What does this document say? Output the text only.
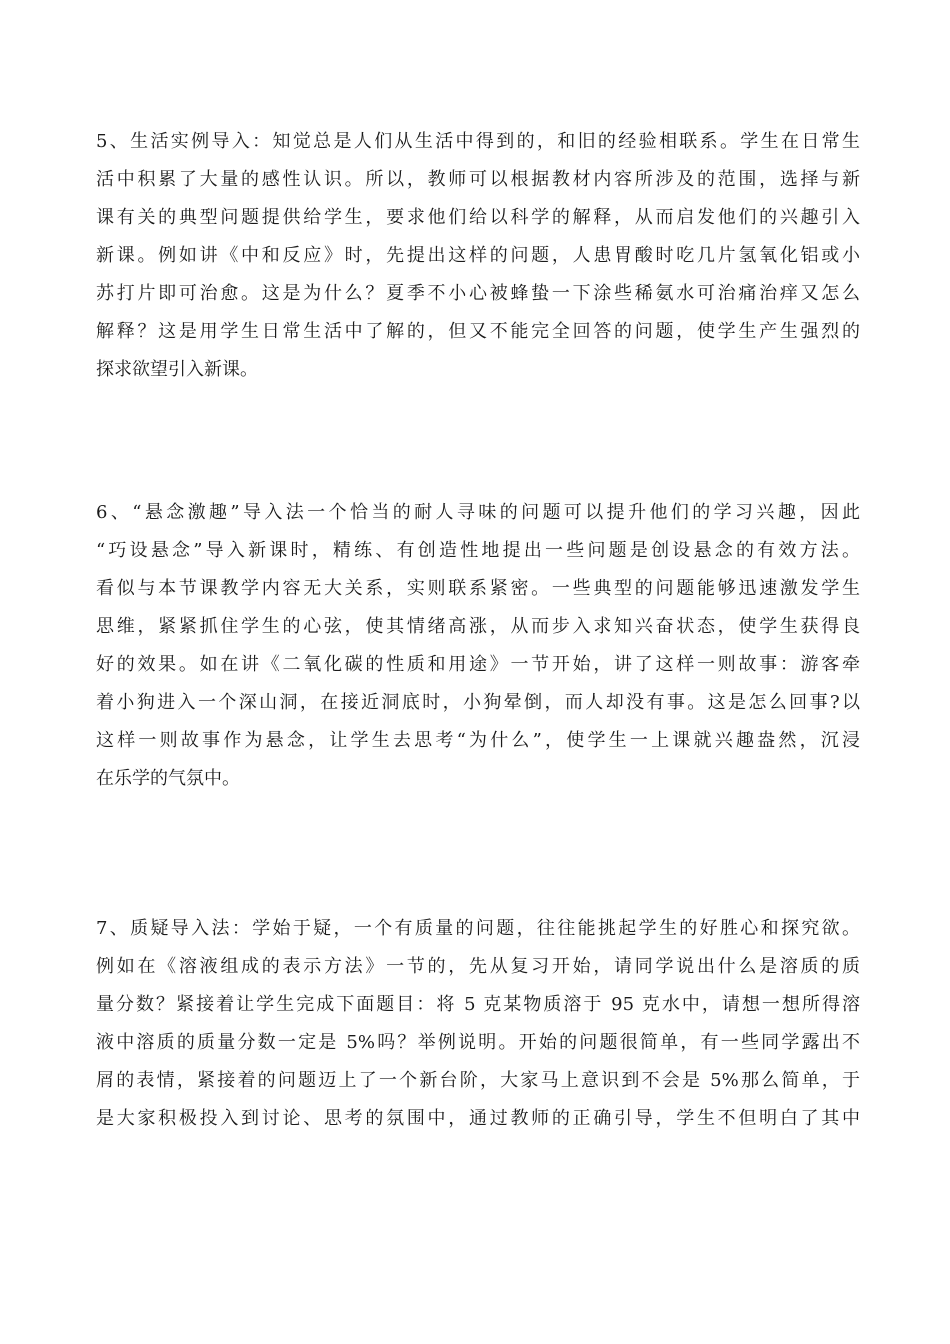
5、生活实例导入：知觉总是人们从生活中得到的，和旧的经验相联系。学生在日常生
活中积累了大量的感性认识。所以，教师可以根据教材内容所涉及的范围，选择与新
课有关的典型问题提供给学生，要求他们给以科学的解释，从而启发他们的兴趣引入
新课。例如讲《中和反应》时，先提出这样的问题，人患胃酸时吃几片氢氧化铝或小
苏打片即可治愈。这是为什么？夏季不小心被蜂蛰一下涂些稀氨水可治痛治痒又怎么
解释？这是用学生日常生活中了解的，但又不能完全回答的问题，使学生产生强烈的
探求欲望引入新课。
6、“悬念激趣”导入法一个恰当的耐人寻味的问题可以提升他们的学习兴趣，因此
“巧设悬念”导入新课时，精练、有创造性地提出一些问题是创设悬念的有效方法。
看似与本节课教学内容无大关系，实则联系紧密。一些典型的问题能够迅速激发学生
思维，紧紧抓住学生的心弦，使其情绪高涨，从而步入求知兴奋状态，使学生获得良
好的效果。如在讲《二氧化碳的性质和用途》一节开始，讲了这样一则故事：游客牵
着小狗进入一个深山洞，在接近洞底时，小狗晕倒，而人却没有事。这是怎么回事?以
这样一则故事作为悬念，让学生去思考“为什么”，使学生一上课就兴趣盎然，沉浸
在乐学的气氛中。
7、质疑导入法：学始于疑，一个有质量的问题，往往能挑起学生的好胜心和探究欲。
例如在《溶液组成的表示方法》一节的，先从复习开始，请同学说出什么是溶质的质
量分数？紧接着让学生完成下面题目：将 5 克某物质溶于 95 克水中，请想一想所得溶
液中溶质的质量分数一定是 5%吗？举例说明。开始的问题很简单，有一些同学露出不
屑的表情，紧接着的问题迈上了一个新台阶，大家马上意识到不会是 5%那么简单，于
是大家积极投入到讨论、思考的氛围中，通过教师的正确引导，学生不但明白了其中
